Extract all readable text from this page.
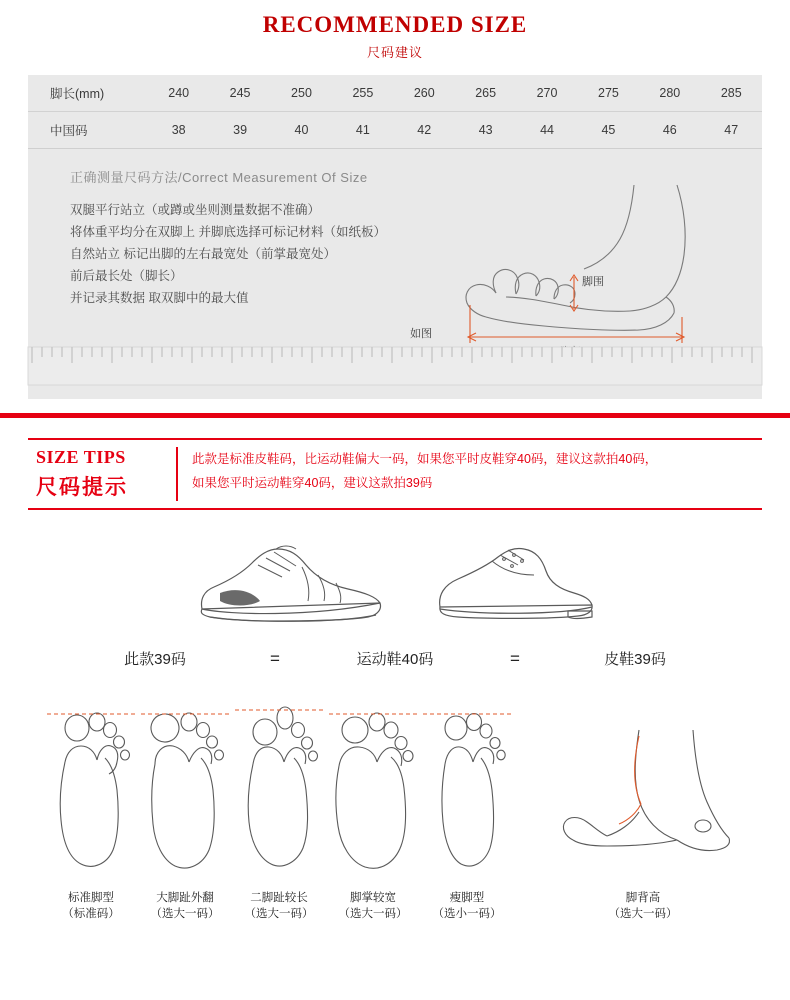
RECOMMENDED SIZE
尺码建议
脚长(mm)	240	245	250	255	260	265	270	275	280	285
中国码	38	39	40	41	42	43	44	45	46	47
正确测量尺码方法/Correct Measurement Of Size
双腿平行站立（或蹲或坐则测量数据不准确）
将体重平均分在双脚上 并脚底选择可标记材料（如纸板）
自然站立 标记出脚的左右最宽处（前掌最宽处）
前后最长处（脚长）
并记录其数据 取双脚中的最大值
脚围
如图
SIZE TIPS
尺码提示
此款是标准皮鞋码，比运动鞋偏大一码，如果您平时皮鞋穿40码，建议这款拍40码，
如果您平时运动鞋穿40码，建议这款拍39码
此款39码	=	运动鞋40码	=	皮鞋39码
标准脚型
（标准码）
大脚趾外翻
（选大一码）
二脚趾较长
（选大一码）
脚掌较宽
（选大一码）
瘦脚型
（选小一码）
脚背高
（选大一码）
